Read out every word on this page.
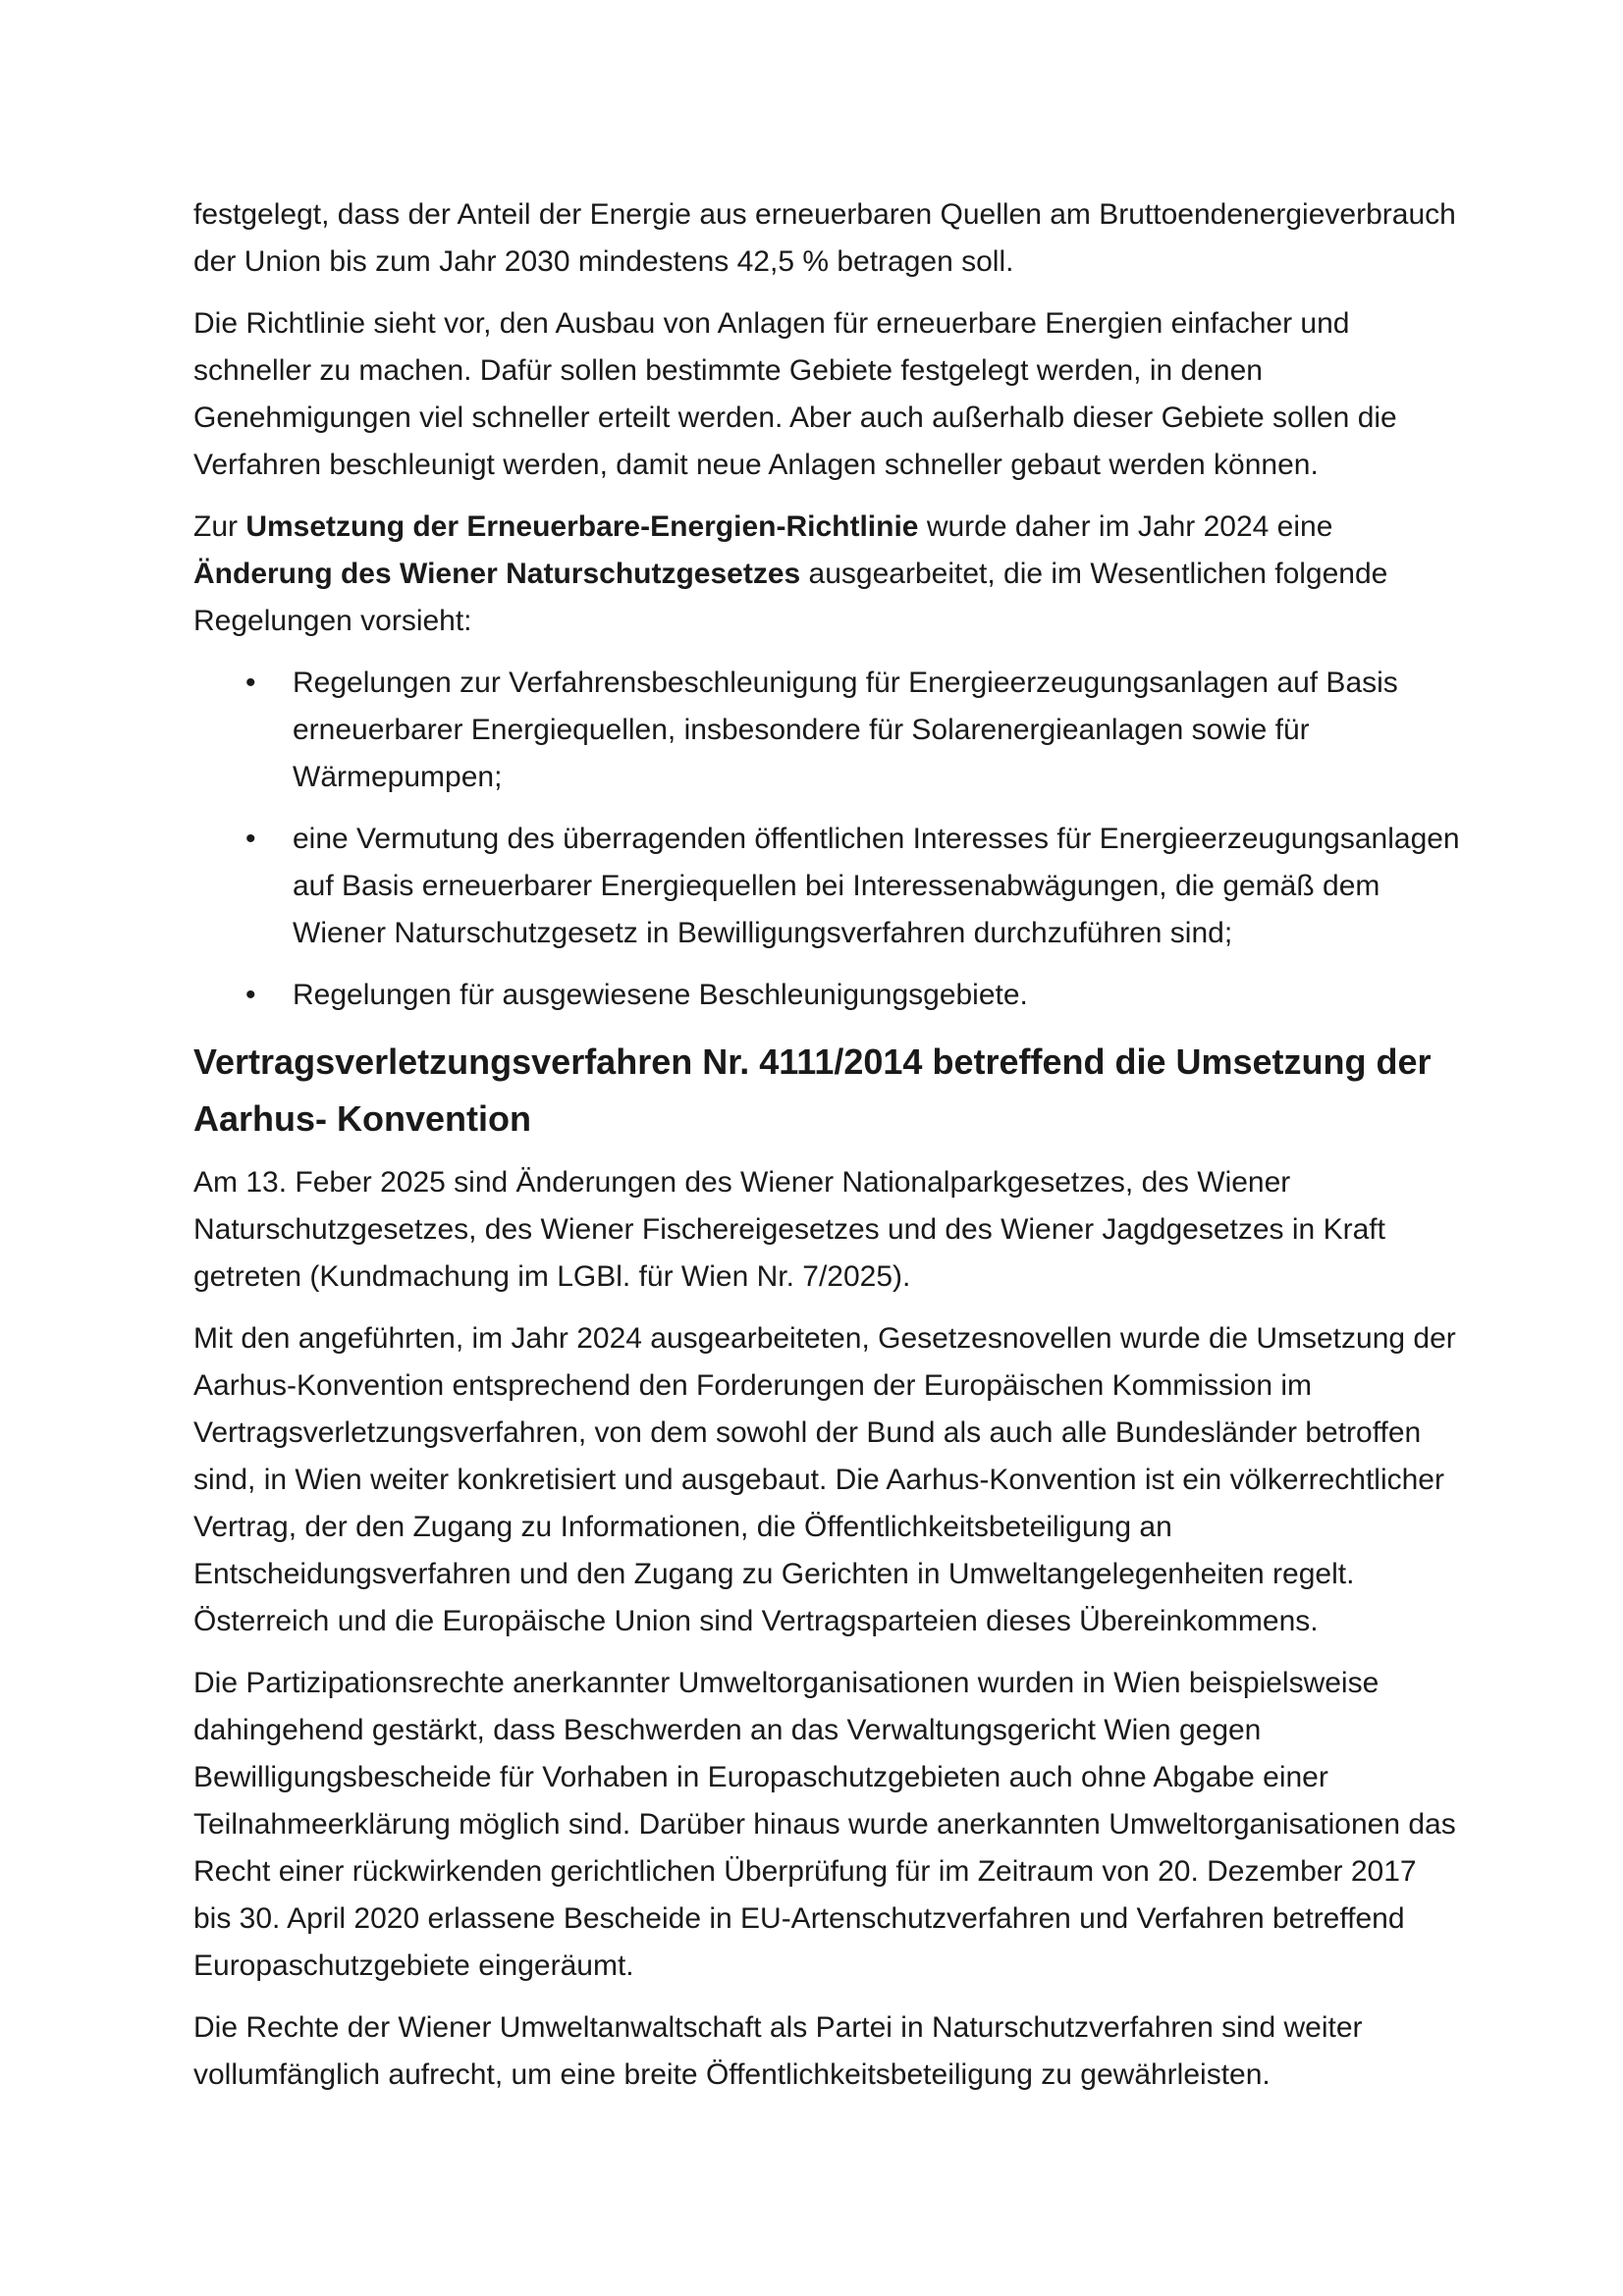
festgelegt, dass der Anteil der Energie aus erneuerbaren Quellen am Bruttoendenergieverbrauch der Union bis zum Jahr 2030 mindestens 42,5 % betragen soll.

Die Richtlinie sieht vor, den Ausbau von Anlagen für erneuerbare Energien einfacher und schneller zu machen. Dafür sollen bestimmte Gebiete festgelegt werden, in denen Genehmigungen viel schneller erteilt werden. Aber auch außerhalb dieser Gebiete sollen die Verfahren beschleunigt werden, damit neue Anlagen schneller gebaut werden können.

Zur Umsetzung der Erneuerbare-Energien-Richtlinie wurde daher im Jahr 2024 eine Änderung des Wiener Naturschutzgesetzes ausgearbeitet, die im Wesentlichen folgende Regelungen vorsieht:

• Regelungen zur Verfahrensbeschleunigung für Energieerzeugungsanlagen auf Basis erneuerbarer Energiequellen, insbesondere für Solarenergieanlagen sowie für Wärmepumpen;
• eine Vermutung des überragenden öffentlichen Interesses für Energieerzeugungsanlagen auf Basis erneuerbarer Energiequellen bei Interessenabwägungen, die gemäß dem Wiener Naturschutzgesetz in Bewilligungsverfahren durchzuführen sind;
• Regelungen für ausgewiesene Beschleunigungsgebiete.
Vertragsverletzungsverfahren Nr. 4111/2014 betreffend die Umsetzung der Aarhus- Konvention

Am 13. Feber 2025 sind Änderungen des Wiener Nationalparkgesetzes, des Wiener Naturschutzgesetzes, des Wiener Fischereigesetzes und des Wiener Jagdgesetzes in Kraft getreten (Kundmachung im LGBl. für Wien Nr. 7/2025).

Mit den angeführten, im Jahr 2024 ausgearbeiteten, Gesetzesnovellen wurde die Umsetzung der Aarhus-Konvention entsprechend den Forderungen der Europäischen Kommission im Vertragsverletzungsverfahren, von dem sowohl der Bund als auch alle Bundesländer betroffen sind, in Wien weiter konkretisiert und ausgebaut. Die Aarhus-Konvention ist ein völkerrechtlicher Vertrag, der den Zugang zu Informationen, die Öffentlichkeitsbeteiligung an Entscheidungsverfahren und den Zugang zu Gerichten in Umweltangelegenheiten regelt. Österreich und die Europäische Union sind Vertragsparteien dieses Übereinkommens.

Die Partizipationsrechte anerkannter Umweltorganisationen wurden in Wien beispielsweise dahingehend gestärkt, dass Beschwerden an das Verwaltungsgericht Wien gegen Bewilligungsbescheide für Vorhaben in Europaschutzgebieten auch ohne Abgabe einer Teilnahmeerklärung möglich sind. Darüber hinaus wurde anerkannten Umweltorganisationen das Recht einer rückwirkenden gerichtlichen Überprüfung für im Zeitraum von 20. Dezember 2017 bis 30. April 2020 erlassene Bescheide in EU-Artenschutzverfahren und Verfahren betreffend Europaschutzgebiete eingeräumt.

Die Rechte der Wiener Umweltanwaltschaft als Partei in Naturschutzverfahren sind weiter vollumfänglich aufrecht, um eine breite Öffentlichkeitsbeteiligung zu gewährleisten.
